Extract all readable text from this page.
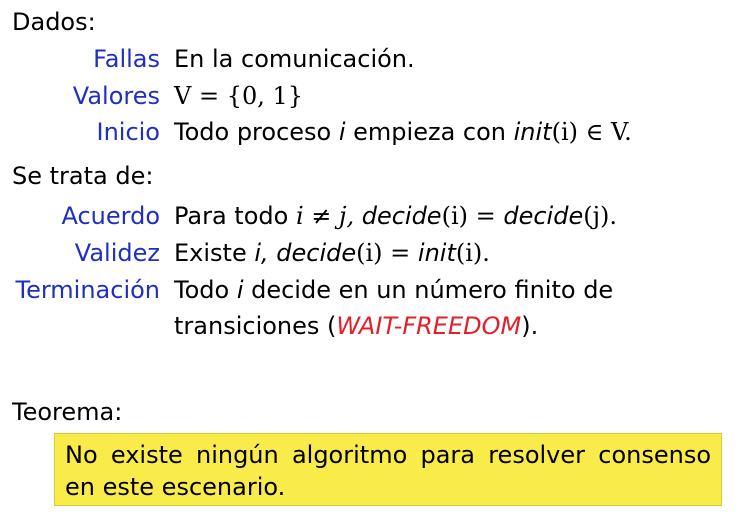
Dados:
Fallas En la comunicación.
Valores V = {0, 1}
Inicio Todo proceso i empieza con init(i) ∈ V.
Se trata de:
Acuerdo Para todo i ≠ j, decide(i) = decide(j).
Validez Existe i, decide(i) = init(i).
Terminación Todo i decide en un número finito de
transiciones (WAIT-FREEDOM).
Teorema:
No existe ningún algoritmo para resolver consenso en este escenario.
